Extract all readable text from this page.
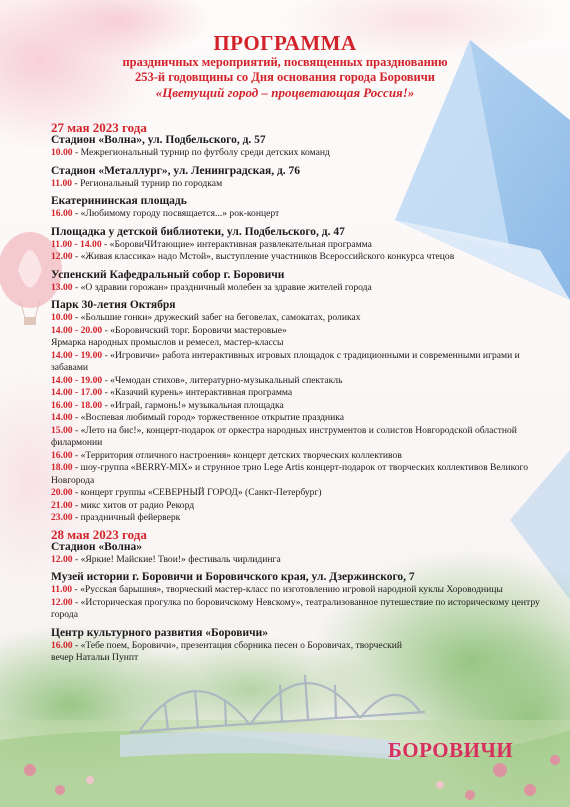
ПРОГРАММА
праздничных мероприятий, посвященных празднованию
253-й годовщины со Дня основания города Боровичи
«Цветущий город – процветающая Россия!»
27 мая 2023 года
Стадион «Волна», ул. Подбельского, д. 57
10.00 - Межрегиональный турнир по футболу среди детских команд
Стадион «Металлург», ул. Ленинградская, д. 76
11.00 - Региональный турнир по городкам
Екатерининская площадь
16.00 - «Любимому городу посвящается...» рок-концерт
Площадка у детской библиотеки, ул. Подбельского, д. 47
11.00 - 14.00 - «БоровиЧИтающие» интерактивная развлекательная программа
12.00 - «Живая классика» надо Мстой», выступление участников Всероссийского конкурса чтецов
Успенский Кафедральный собор г. Боровичи
13.00 - «О здравии горожан» праздничный молебен за здравие жителей города
Парк 30-летия Октября
10.00 - «Большие гонки» дружеский забег на беговелах, самокатах, роликах
14.00 - 20.00 - «Боровичский торг. Боровичи мастеровые»
Ярмарка народных промыслов и ремесел, мастер-классы
14.00 - 19.00 - «Игровичи» работа интерактивных игровых площадок с традиционными и современными играми и забавами
14.00 - 19.00 - «Чемодан стихов», литературно-музыкальный спектакль
14.00 - 17.00 - «Казачий курень» интерактивная программа
16.00 - 18.00 - «Играй, гармонь!» музыкальная площадка
14.00 - «Воспевая любимый город» торжественное открытие праздника
15.00 - «Лето на бис!», концерт-подарок от оркестра народных инструментов и солистов Новгородской областной филармонии
16.00 - «Территория отличного настроения» концерт детских творческих коллективов
18.00 - шоу-группа «BERRY-MIX» и струнное трио Lege Artis концерт-подарок от творческих коллективов Великого Новгорода
20.00 - концерт группы «СЕВЕРНЫЙ ГОРОД» (Санкт-Петербург)
21.00 - микс хитов от радио Рекорд
23.00 - праздничный фейерверк
28 мая 2023 года
Стадион «Волна»
12.00 - «Яркие! Майские! Твои!» фестиваль чирлидинга
Музей истории г. Боровичи и Боровичского края, ул. Дзержинского, 7
11.00 - «Русская барышня», творческий мастер-класс по изготовлению игровой народной куклы Хороводницы
12.00 - «Историческая прогулка по боровичскому Невскому», театрализованное путешествие по историческому центру города
Центр культурного развития «Боровичи»
16.00 - «Тебе поем, Боровичи», презентация сборника песен о Боровичах, творческий вечер Натальи Пунпт
БОРОВИЧИ
